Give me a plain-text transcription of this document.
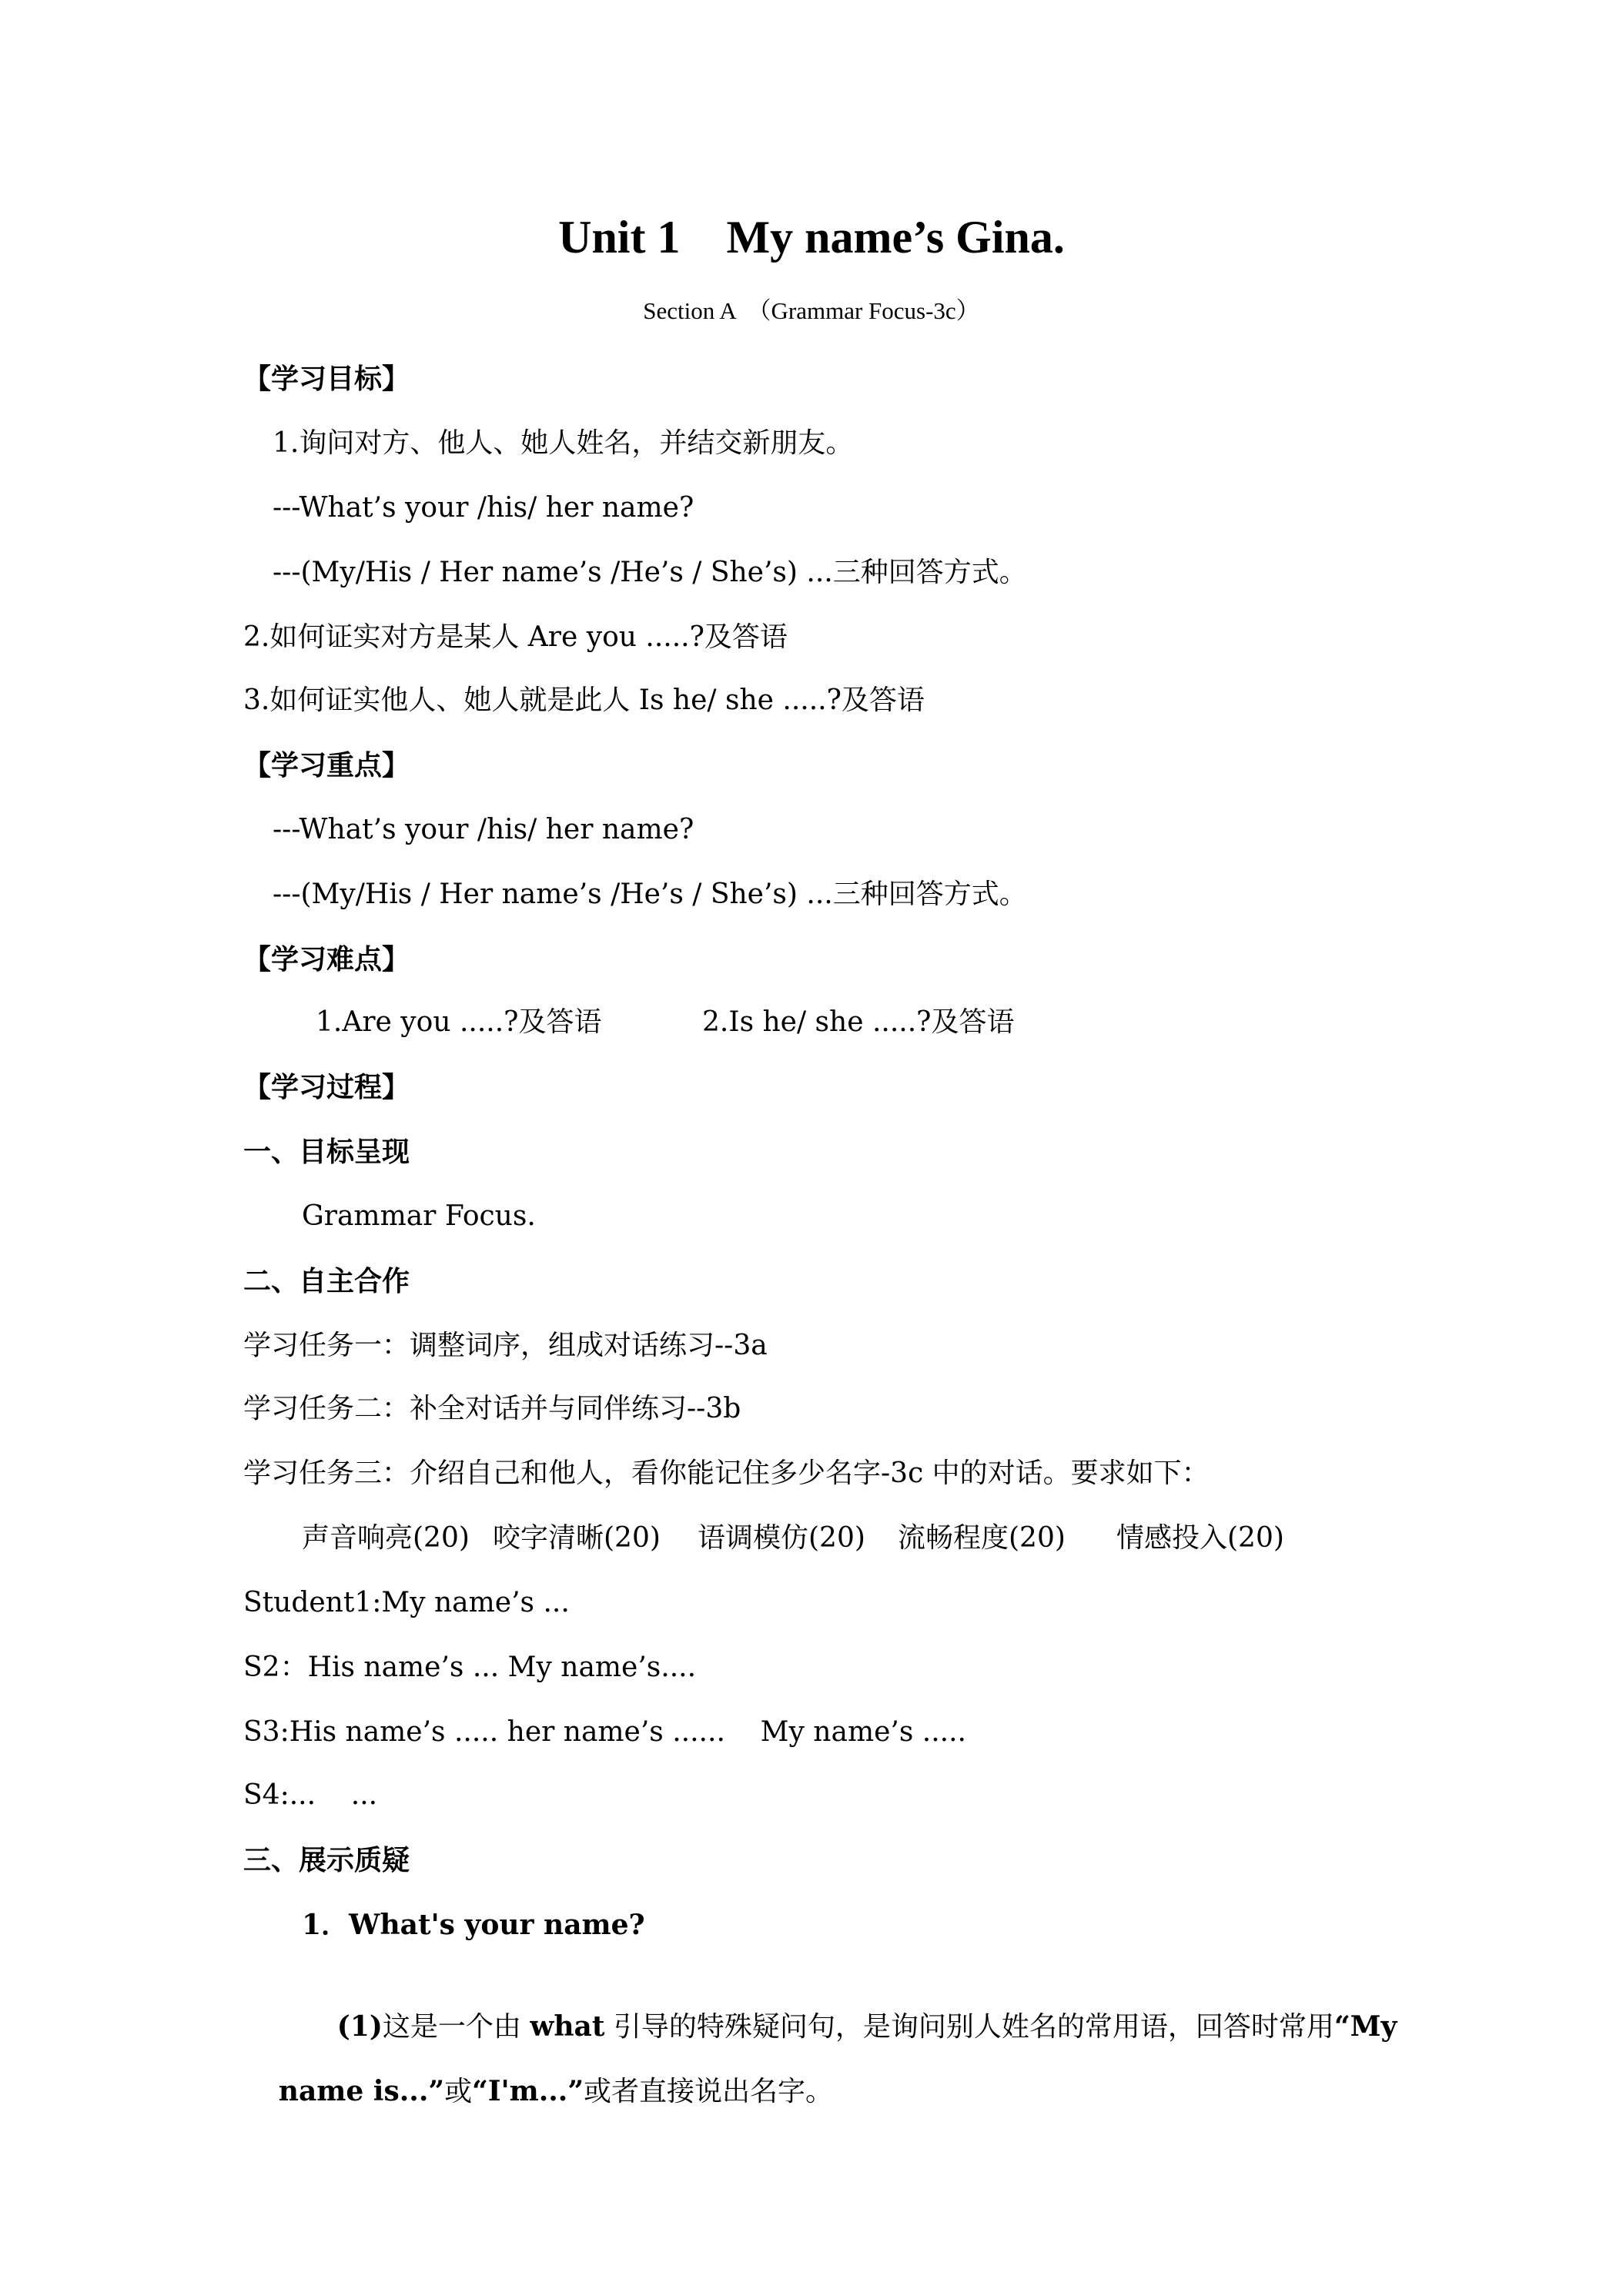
Unit 1    My name’s Gina.
Section A  （Grammar Focus-3c）
【学习目标】
1.询问对方、他人、她人姓名，并结交新朋友。
---What’s your /his/ her name?
---(My/His / Her name’s /He’s / She’s) ...三种回答方式。
2.如何证实对方是某人 Are you .....?及答语
3.如何证实他人、她人就是此人 Is he/ she .....?及答语
【学习重点】
---What’s your /his/ her name?
---(My/His / Her name’s /He’s / She’s) ...三种回答方式。
【学习难点】
1.Are you .....?及答语	2.Is he/ she .....?及答语
【学习过程】
一、目标呈现
Grammar Focus.
二、自主合作
学习任务一：调整词序，组成对话练习--3a
学习任务二：补全对话并与同伴练习--3b
学习任务三：介绍自己和他人，看你能记住多少名字-3c 中的对话。要求如下：

声音响亮(20)

咬字清晰(20)

语调模仿(20)

流畅程度(20)

情感投入(20)

Student1:My name’s ...
S2：His name’s ... My name’s....
S3:His name’s ..... her name’s ......    My name’s .....
S4:...    ...
三、展示质疑
1．What's your name?

(1)这是一个由 what 引导的特殊疑问句，是询问别人姓名的常用语，回答时常用“My

name is...”或“I'm...”或者直接说出名字。
